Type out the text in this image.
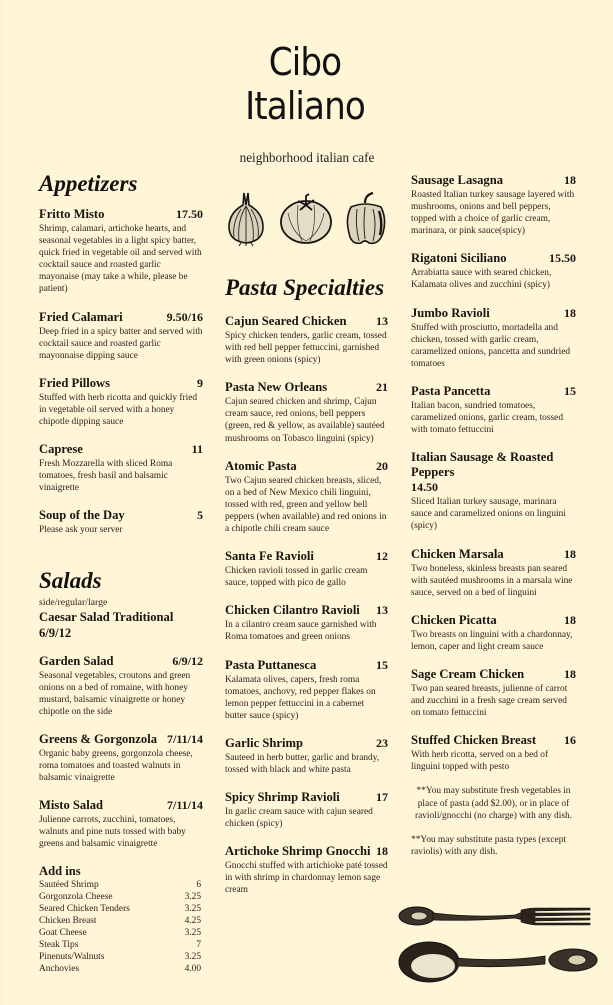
Cibo
Italiano
neighborhood italian cafe
Appetizers
Fritto Misto	17.50
Shrimp, calamari, artichoke hearts, and seasonal vegetables in a light spicy batter, quick fried in vegetable oil and served with cocktail sauce and roasted garlic mayonaise (may take a while, please be patient)
Fried Calamari	9.50/16
Deep fried in a spicy batter and served with cocktail sauce and roasted garlic mayonnaise dipping sauce
Fried Pillows	9
Stuffed with herb ricotta and quickly fried in vegetable oil served with a honey chipotle dipping sauce
Caprese	11
Fresh Mozzarella with sliced Roma tomatoes, fresh basil and balsamic vinaigrette
Soup of the Day	5
Please ask your server
Salads
side/regular/large
Caesar Salad Traditional
6/9/12
Garden Salad	6/9/12
Seasonal vegetables, croutons and green onions on a bed of romaine, with honey mustard, balsamic vinaigrette or honey chipotle on the side
Greens & Gorgonzola 7/11/14
Organic baby greens, gorgonzola cheese, roma tomatoes and toasted walnuts in balsamic vinaigrette
Misto Salad	7/11/14
Julienne carrots, zucchini, tomatoes, walnuts and pine nuts tossed with baby greens and balsamic vinaigrette
Add ins
Sautéed Shrimp	6
Gorgonzola Cheese	3.25
Seared Chicken Tenders	3.25
Chicken Breast	4.25
Goat Cheese	3.25
Steak Tips	7
Pinenuts/Walnuts	3.25
Anchovies	4.00
Pasta Specialties
Cajun Seared Chicken 13
Spicy chicken tenders, garlic cream, tossed with red bell pepper fettuccini, garnished with green onions (spicy)
Pasta New Orleans	21
Cajun seared chicken and shrimp, Cajun cream sauce, red onions, bell peppers (green, red & yellow, as available) sautéed mushrooms on Tobasco linguini (spicy)
Atomic Pasta	20
Two Cajun seared chicken breasts, sliced, on a bed of New Mexico chili linguini, tossed with red, green and yellow bell peppers (when available) and red onions in a chipotle chili cream sauce
Santa Fe Ravioli	12
Chicken ravioli tossed in garlic cream sauce, topped with pico de gallo
Chicken Cilantro Ravioli 13
In a cilantro cream sauce garnished with Roma tomatoes and green onions
Pasta Puttanesca	15
Kalamata olives, capers, fresh roma tomatoes, anchovy, red pepper flakes on lemon pepper fettuccini in a cabernet butter sauce (spicy)
Garlic Shrimp	23
Sauteed in herb butter, garlic and brandy, tossed with black and white pasta
Spicy Shrimp Ravioli	17
In garlic cream sauce with cajun seared chicken (spicy)
Artichoke Shrimp Gnocchi 18
Gnocchi stuffed with artichioke paté tossed in with shrimp in chardonnay lemon sage cream
Sausage Lasagna	18
Roasted Italian turkey sausage layered with mushrooms, onions and bell peppers, topped with a choice of garlic cream, marinara, or pink sauce(spicy)
Rigatoni Siciliano	15.50
Arrabiatta sauce with seared chicken, Kalamata olives and zucchini (spicy)
Jumbo Ravioli	18
Stuffed with prosciutto, mortadella and chicken, tossed with garlic cream, caramelized onions, pancetta and sundried tomatoes
Pasta Pancetta	15
Italian bacon, sundried tomatoes, caramelized onions, garlic cream, tossed with tomato fettuccini
Italian Sausage & Roasted Peppers
14.50
Sliced Italian turkey sausage, marinara sauce and caramelized onions on linguini (spicy)
Chicken Marsala	18
Two boneless, skinless breasts pan seared with sautéed mushrooms in a marsala wine sauce, served on a bed of linguini
Chicken Picatta	18
Two breasts on linguini with a chardonnay, lemon, caper and light cream sauce
Sage Cream Chicken	18
Two pan seared breasts, julienne of carrot and zucchini in a fresh sage cream served on tomato fettuccini
Stuffed Chicken Breast 16
With herb ricotta, served on a bed of linguini topped with pesto
**You may substitute fresh vegetables in place of pasta (add $2.00), or in place of ravioli/gnocchi (no charge) with any dish.
**You may substitute pasta types (except raviolis) with any dish.
